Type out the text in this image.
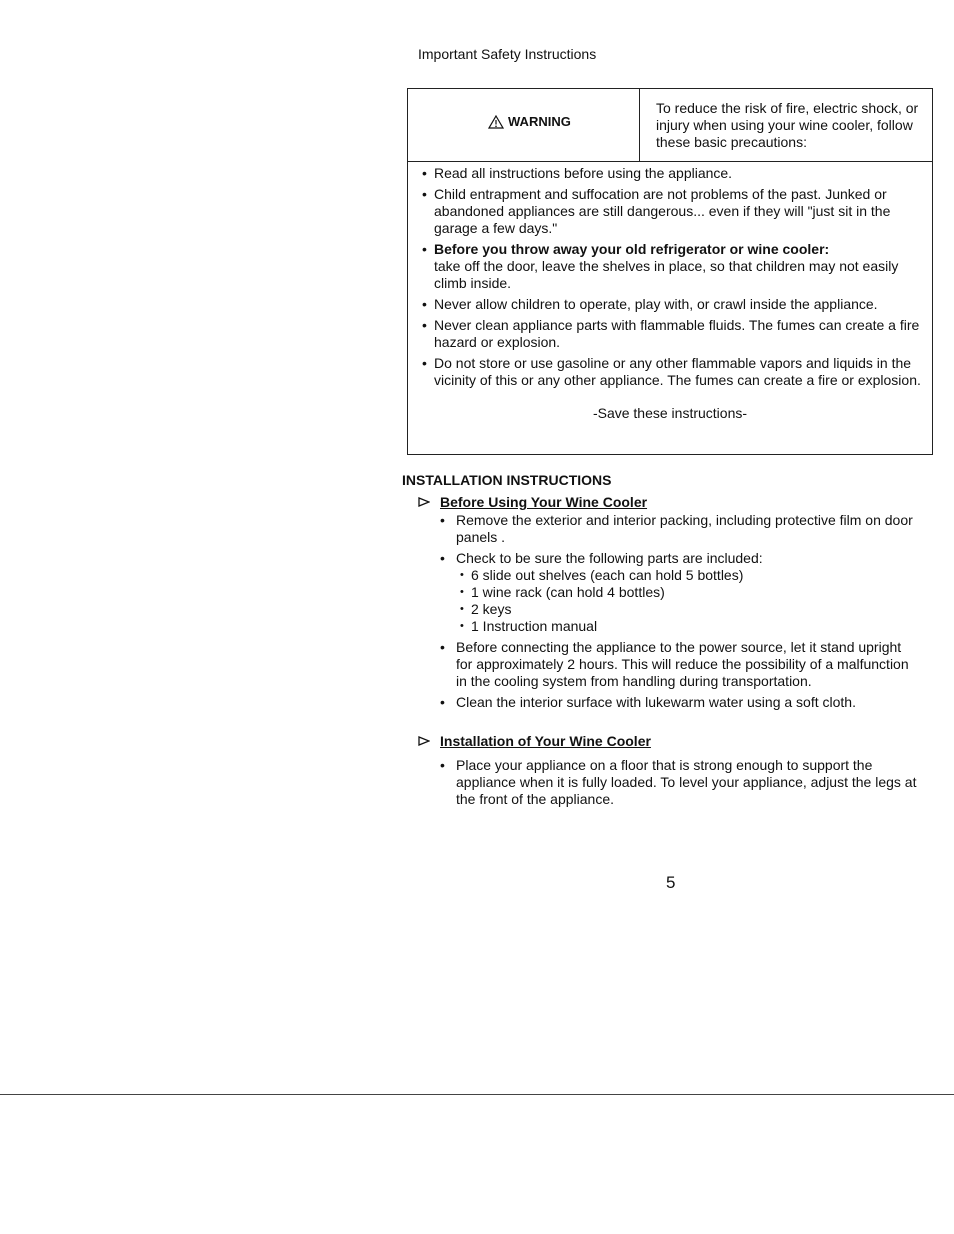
Important Safety Instructions
WARNING
To reduce the risk of fire, electric shock, or injury when using your wine cooler, follow these basic precautions:
• Read all instructions before using the appliance.
• Child entrapment and suffocation are not problems of the past. Junked or abandoned appliances are still dangerous... even if they will "just sit in the garage a few days."
• Before you throw away your old refrigerator or wine cooler:
take off the door, leave the shelves in place, so that children may not easily climb inside.
• Never allow children to operate, play with, or crawl inside the appliance.
• Never clean appliance parts with flammable fluids. The fumes can create a fire hazard or explosion.
• Do not store or use gasoline or any other flammable vapors and liquids in the vicinity of this or any other appliance. The fumes can create a fire or explosion.
-Save these instructions-
INSTALLATION INSTRUCTIONS
Before Using Your Wine Cooler
• Remove the exterior and interior packing, including protective film on door panels .
• Check to be sure the following parts are included:
• 6 slide out shelves (each can hold 5 bottles)
• 1 wine rack (can hold 4 bottles)
• 2 keys
• 1 Instruction manual
• Before connecting the appliance to the power source, let it stand upright for approximately 2 hours. This will reduce the possibility of a malfunction in the cooling system from handling during transportation.
• Clean the interior surface with lukewarm water using a soft cloth.
Installation of Your Wine Cooler
• Place your appliance on a floor that is strong enough to support the appliance when it is fully loaded. To level your appliance, adjust the legs at the front of the appliance.
5
